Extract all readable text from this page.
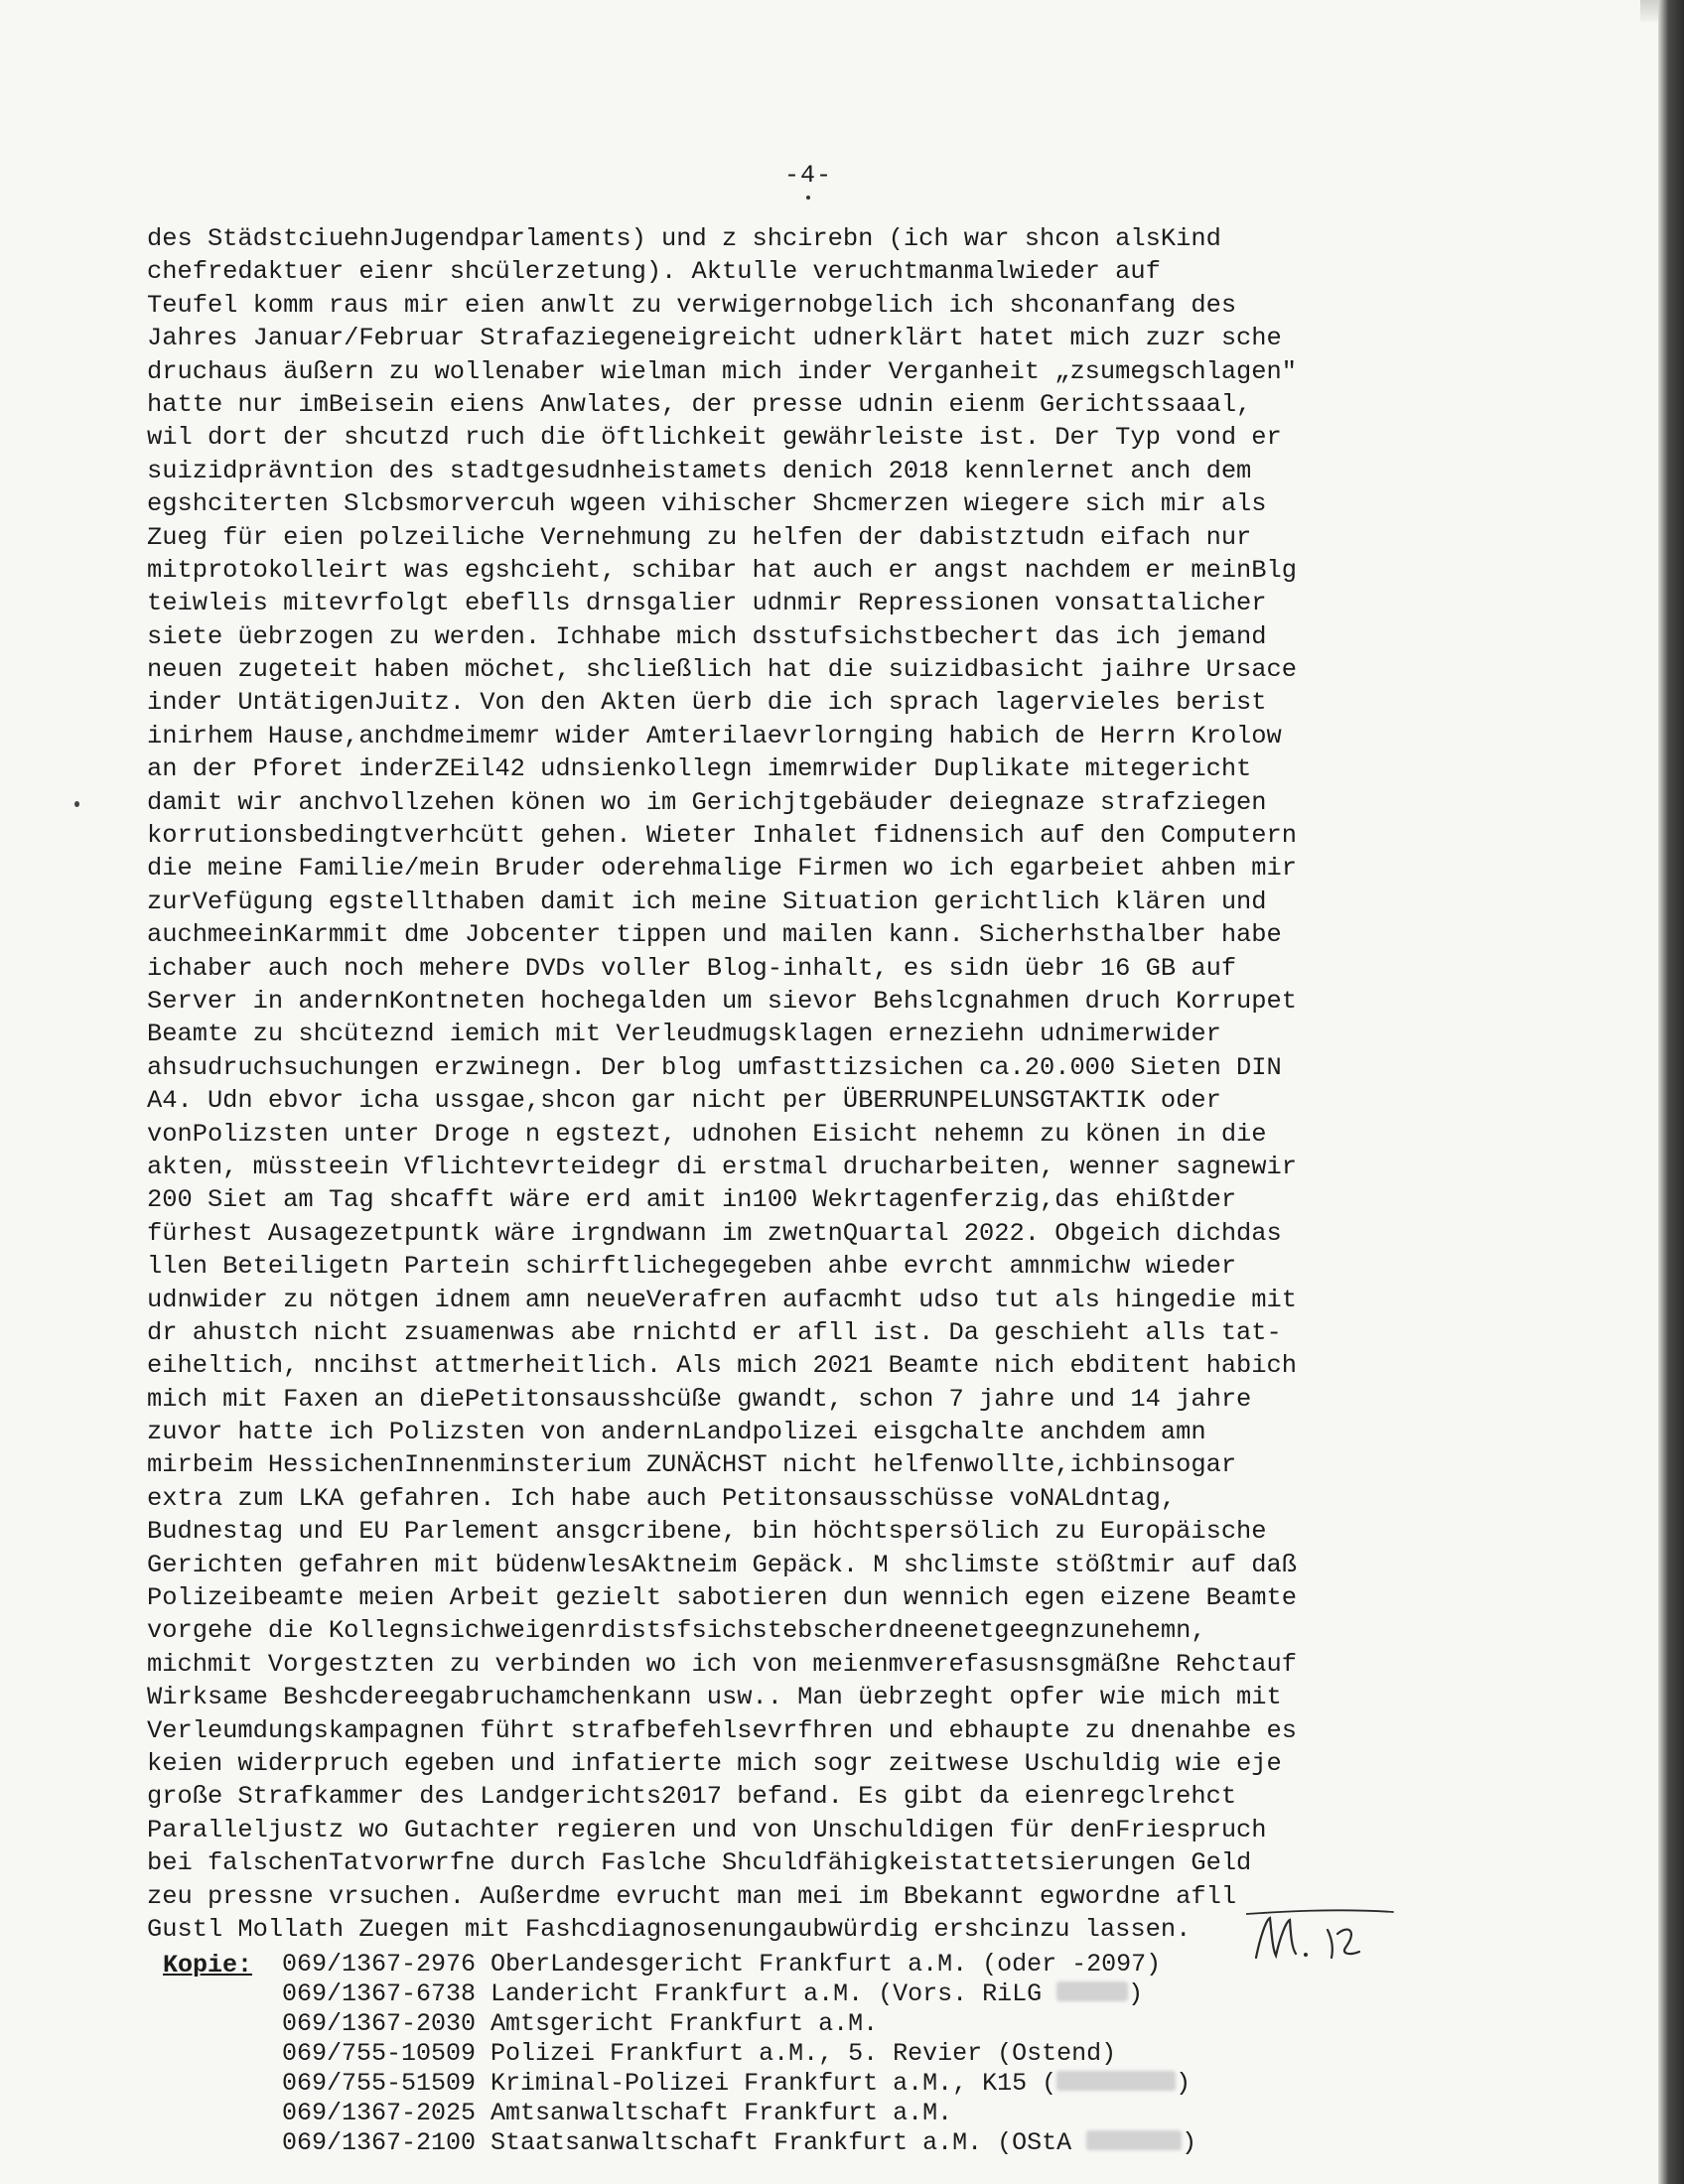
-4-
des StädstciuehnJugendparlaments) und z shcirebn (ich war shcon alsKind
chefredaktuer eienr shcülerzetung). Aktulle veruchtmanmalwieder auf
Teufel komm raus mir eien anwlt zu verwigernobgelich ich shconanfang des
Jahres Januar/Februar Strafaziegeneigreicht udnerklärt hatet mich zuzr sche
druchaus äußern zu wollenaber wielman mich inder Verganheit „zsumegschlagen"
hatte nur imBeisein eiens Anwlates, der presse udnin eienm Gerichtssaaal,
wil dort der shcutzd ruch die öftlichkeit gewährleiste ist. Der Typ vond er
suizidprävntion des stadtgesudnheistamets denich 2018 kennlernet anch dem
egshciterten Slcbsmorvercuh wgeen vihischer Shcmerzen wiegere sich mir als
Zueg für eien polzeiliche Vernehmung zu helfen der dabistztudn eifach nur
mitprotokolleirt was egshcieht, schibar hat auch er angst nachdem er meinBlg
teiwleis mitevrfolgt ebeflls drnsgalier udnmir Repressionen vonsattalicher
siete üebrzogen zu werden. Ichhabe mich dsstufsichstbechert das ich jemand
neuen zugeteit haben möchet, shcließlich hat die suizidbasicht jaihre Ursace
inder UntätigenJuitz. Von den Akten üerb die ich sprach lagervieles berist
inirhem Hause,anchdmeimemr wider Amterilaevrlornging habich de Herrn Krolow
an der Pforet inderZEil42 udnsienkollegn imemrwider Duplikate mitegericht
damit wir anchvollzehen könen wo im Gerichjtgebäuder deiegnaze strafziegen
korrutionsbedingtverhcütt gehen. Wieter Inhalet fidnensich auf den Computern
die meine Familie/mein Bruder oderehmalige Firmen wo ich egarbeiet ahben mir
zurVefügung egstellthaben damit ich meine Situation gerichtlich klären und
auchmeeinKarmmit dme Jobcenter tippen und mailen kann. Sicherhsthalber habe
ichaber auch noch mehere DVDs voller Blog-inhalt, es sidn üebr 16 GB auf
Server in andernKontneten hochegalden um sievor Behslcgnahmen druch Korrupet
Beamte zu shcüteznd iemich mit Verleudmugsklagen erneziehn udnimerwider
ahsudruchsuchungen erzwinegn. Der blog umfasttizsichen ca.20.000 Sieten DIN
A4. Udn ebvor icha ussgae,shcon gar nicht per ÜBERRUNPELUNSGTAKTIK oder
vonPolizsten unter Droge n egstezt, udnohen Eisicht nehemn zu könen in die
akten, müssteein Vflichtevrteidegr di erstmal drucharbeiten, wenner sagnewir
200 Siet am Tag shcafft wäre erd amit in100 Wekrtagenferzig,das ehißtder
fürhest Ausagezetpuntk wäre irgndwann im zwetnQuartal 2022. Obgeich dichdas
llen Beteiligetn Partein schirftlichegegeben ahbe evrcht amnmichw wieder
udnwider zu nötgen idnem amn neueVerafren aufacmht udso tut als hingedie mit
dr ahustch nicht zsuamenwas abe rnichtd er afll ist. Da geschieht alls tat-
eiheltich, nncihst attmerheitlich. Als mich 2021 Beamte nich ebditent habich
mich mit Faxen an diePetitonsausshcüße gwandt, schon 7 jahre und 14 jahre
zuvor hatte ich Polizsten von andernLandpolizei eisgchalte anchdem amn
mirbeim HessichenInnenminsterium ZUNÄCHST nicht helfenwollte,ichbinsogar
extra zum LKA gefahren. Ich habe auch Petitonsausschüsse voNALdntag,
Budnestag und EU Parlement ansgcribene, bin höchtspersölich zu Europäische
Gerichten gefahren mit büdenwlesAktneim Gepäck. M shclimste stößtmir auf daß
Polizeibeamte meien Arbeit gezielt sabotieren dun wennich egen eizene Beamte
vorgehe die Kollegnsichweigenrdistsfsichstebscherdneenetgeegnzunehemn,
michmit Vorgestzten zu verbinden wo ich von meienmverefasusnsgmäßne Rehctauf
Wirksame Beshcdereegabruchamchenkann usw.. Man üebrzeght opfer wie mich mit
Verleumdungskampagnen führt strafbefehlsevrfhren und ebhaupte zu dnenahbe es
keien widerpruch egeben und infatierte mich sogr zeitwese Uschuldig wie eje
große Strafkammer des Landgerichts2017 befand. Es gibt da eienregclrehct
Paralleljustz wo Gutachter regieren und von Unschuldigen für denFriespruch
bei falschenTatvorwrfne durch Faslche Shculdfähigkeistattetsierungen Geld
zeu pressne vrsuchen. Außerdme evrucht man mei im Bbekannt egwordne afll
Gustl Mollath Zuegen mit Fashcdiagnosenungaubwürdig ershcinzu lassen.
Kopie: 069/1367-2976 OberLandesgericht Frankfurt a.M. (oder -2097)
069/1367-6738 Landericht Frankfurt a.M. (Vors. RiLG	)
069/1367-2030 Amtsgericht Frankfurt a.M.
069/755-10509 Polizei Frankfurt a.M., 5. Revier (Ostend)
069/755-51509 Kriminal-Polizei Frankfurt a.M., K15 (	)
069/1367-2025 Amtsanwaltschaft Frankfurt a.M.
069/1367-2100 Staatsanwaltschaft Frankfurt a.M. (OStA	)
